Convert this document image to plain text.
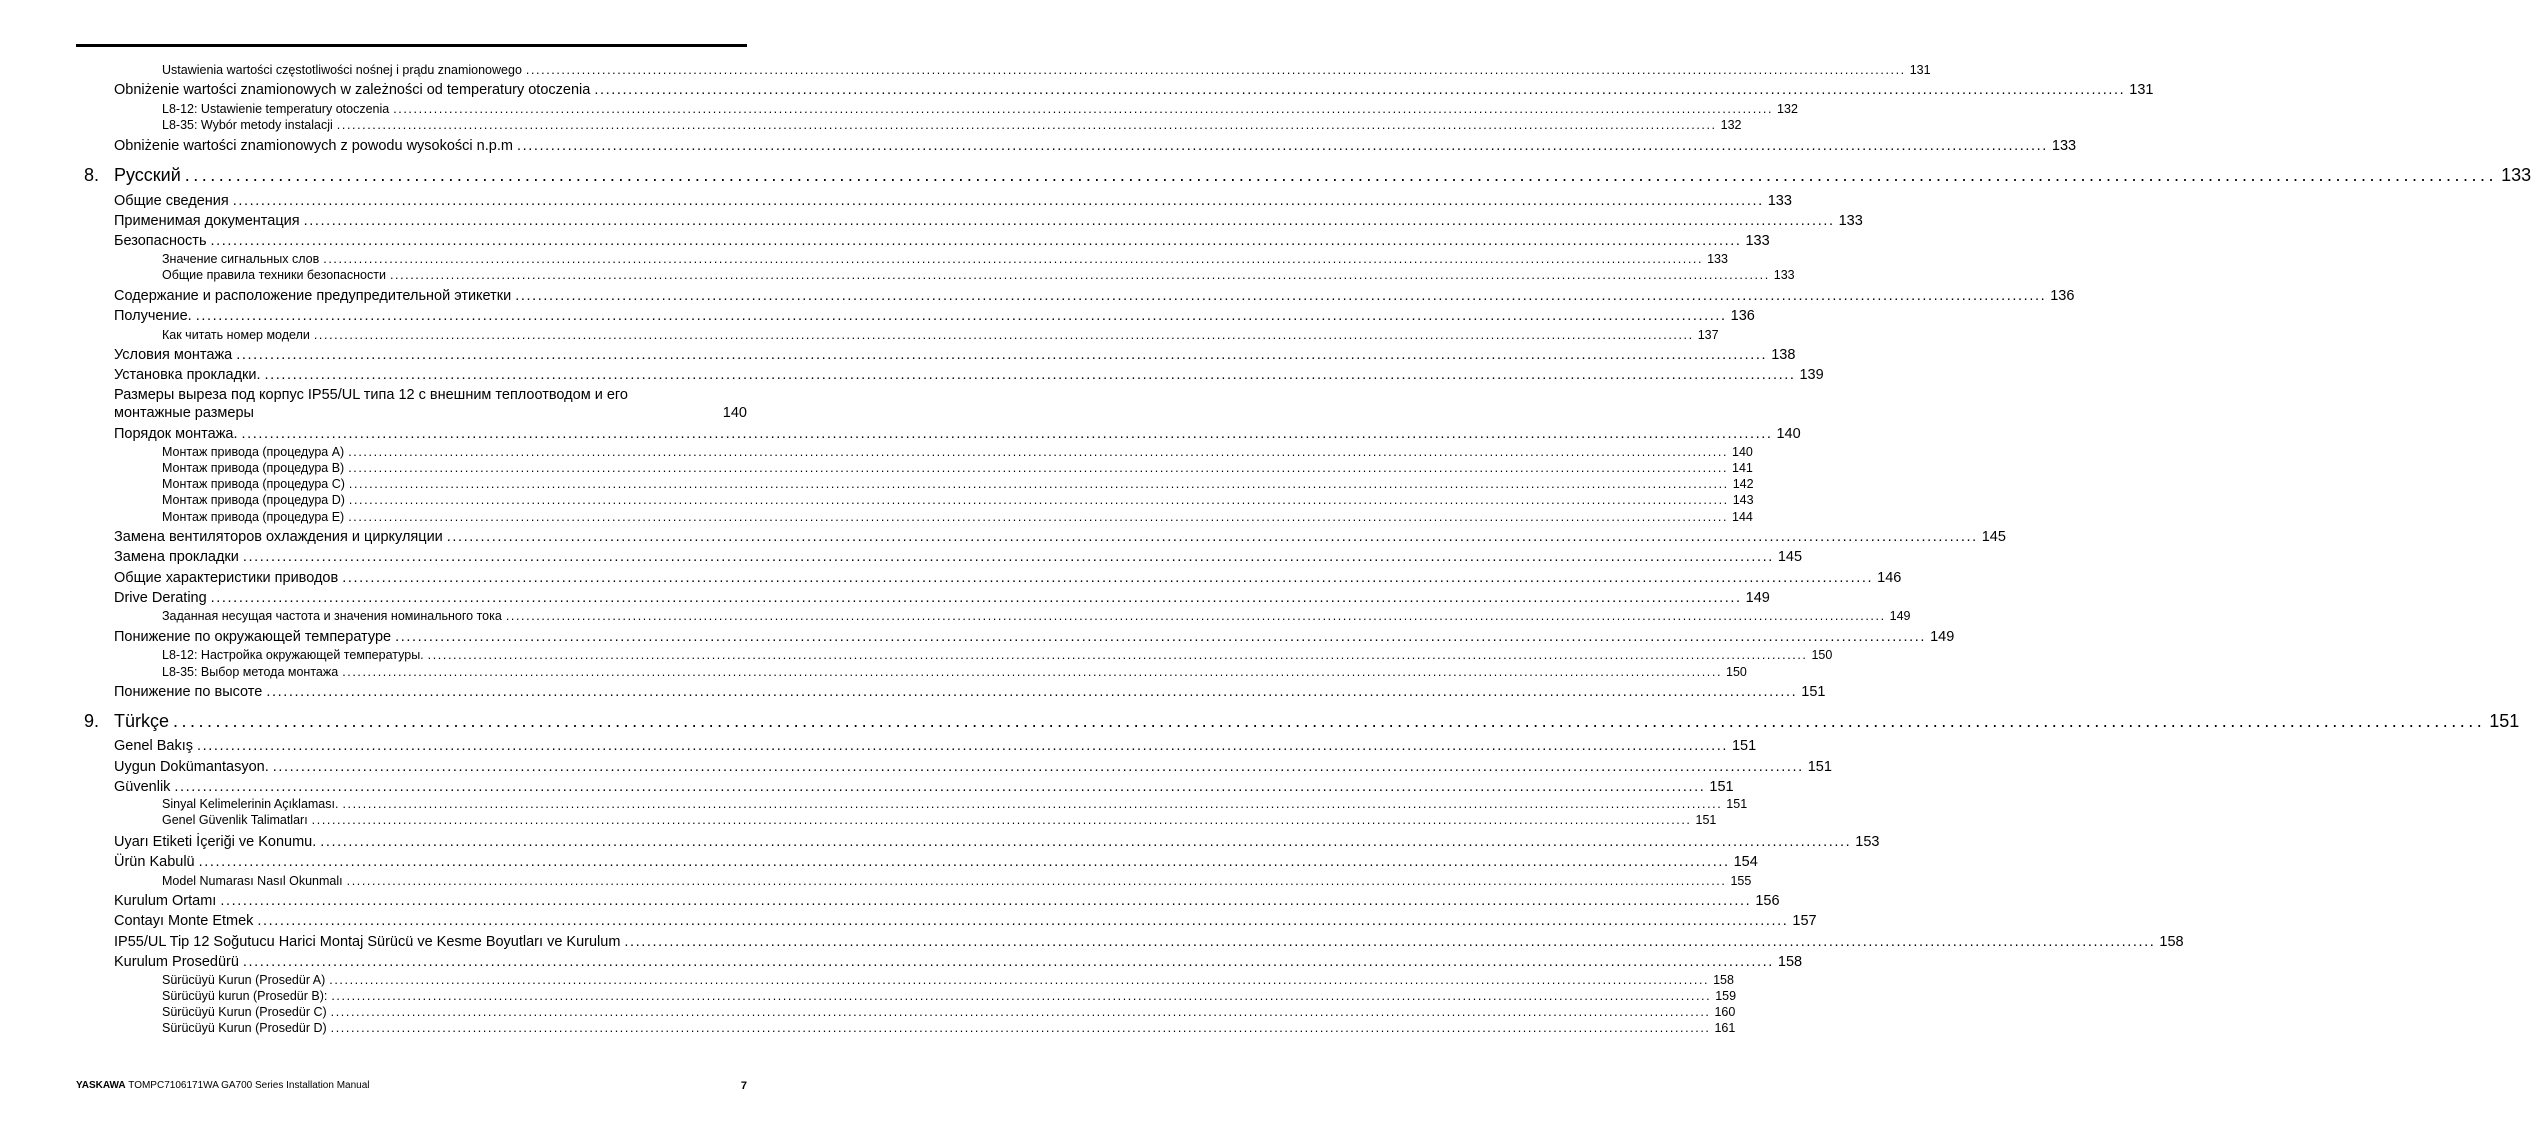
Ustawienia wartości częstotliwości nośnej i prądu znamionowego .....	131
Obniżenie wartości znamionowych w zależności od temperatury otoczenia .....	131
L8-12: Ustawienie temperatury otoczenia .....	132
L8-35: Wybór metody instalacji .....	132
Obniżenie wartości znamionowych z powodu wysokości n.p.m .....	133
8. Русский .....	133
Общие сведения .....	133
Применимая документация .....	133
Безопасность .....	133
Значение сигнальных слов .....	133
Общие правила техники безопасности .....	133
Содержание и расположение предупредительной этикетки .....	136
Получение. .....	136
Как читать номер модели .....	137
Условия монтажа .....	138
Установка прокладки. .....	139
Размеры выреза под корпус IP55/UL типа 12 с внешним теплоотводом и его
монтажные размеры	140
Порядок монтажа. .....	140
Монтаж привода (процедура A) .....	140
Монтаж привода (процедура B) .....	141
Монтаж привода (процедура C) .....	142
Монтаж привода (процедура D) .....	143
Монтаж привода (процедура E) .....	144
Замена вентиляторов охлаждения и циркуляции .....	145
Замена прокладки .....	145
Общие характеристики приводов .....	146
Drive Derating .....	149
Заданная несущая частота и значения номинального тока .....	149
Понижение по окружающей температуре .....	149
L8-12: Настройка окружающей температуры. .....	150
L8-35: Выбор метода монтажа .....	150
Понижение по высоте .....	151
9. Türkçe .....	151
Genel Bakış .....	151
Uygun Dokümantasyon. .....	151
Güvenlik .....	151
Sinyal Kelimelerinin Açıklaması. .....	151
Genel Güvenlik Talimatları .....	151
Uyarı Etiketi İçeriği ve Konumu. .....	153
Ürün Kabulü .....	154
Model Numarası Nasıl Okunmalı .....	155
Kurulum Ortamı .....	156
Contayı Monte Etmek .....	157
IP55/UL Tip 12 Soğutucu Harici Montaj Sürücü ve Kesme Boyutları ve Kurulum .....	158
Kurulum Prosedürü .....	158
Sürücüyü Kurun (Prosedür A) .....	158
Sürücüyü kurun (Prosedür B): .....	159
Sürücüyü Kurun (Prosedür C) .....	160
Sürücüyü Kurun (Prosedür D) .....	161
YASKAWA TOMPC7106171WA GA700 Series Installation Manual	7
